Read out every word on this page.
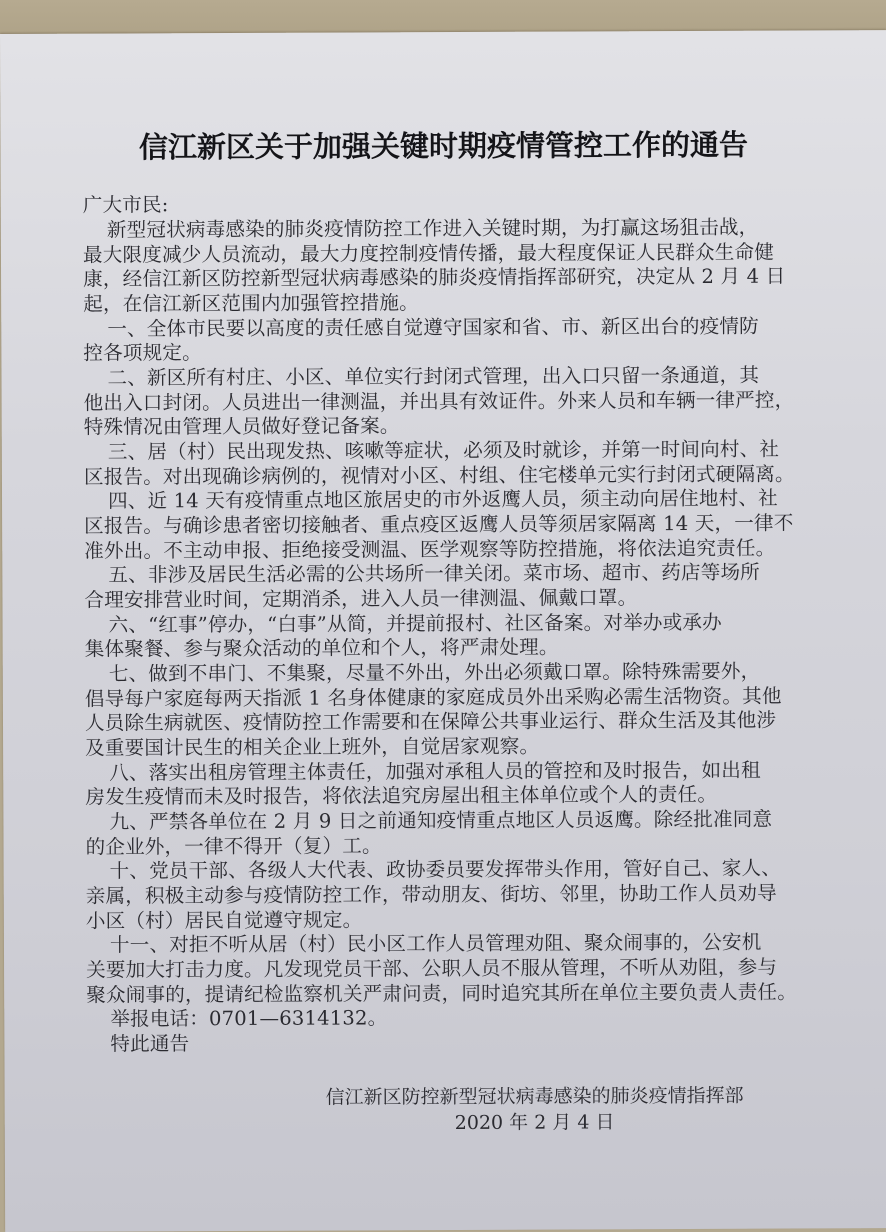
信江新区关于加强关键时期疫情管控工作的通告
广大市民:
新型冠状病毒感染的肺炎疫情防控工作进入关键时期，为打赢这场狙击战，
最大限度减少人员流动，最大力度控制疫情传播，最大程度保证人民群众生命健
康，经信江新区防控新型冠状病毒感染的肺炎疫情指挥部研究，决定从 2 月 4 日
起，在信江新区范围内加强管控措施。
一、全体市民要以高度的责任感自觉遵守国家和省、市、新区出台的疫情防
控各项规定。
二、新区所有村庄、小区、单位实行封闭式管理，出入口只留一条通道，其
他出入口封闭。人员进出一律测温，并出具有效证件。外来人员和车辆一律严控，
特殊情况由管理人员做好登记备案。
三、居（村）民出现发热、咳嗽等症状，必须及时就诊，并第一时间向村、社
区报告。对出现确诊病例的，视情对小区、村组、住宅楼单元实行封闭式硬隔离。
四、近 14 天有疫情重点地区旅居史的市外返鹰人员，须主动向居住地村、社
区报告。与确诊患者密切接触者、重点疫区返鹰人员等须居家隔离 14 天，一律不
准外出。不主动申报、拒绝接受测温、医学观察等防控措施，将依法追究责任。
五、非涉及居民生活必需的公共场所一律关闭。菜市场、超市、药店等场所
合理安排营业时间，定期消杀，进入人员一律测温、佩戴口罩。
六、“红事”停办，“白事”从简，并提前报村、社区备案。对举办或承办
集体聚餐、参与聚众活动的单位和个人，将严肃处理。
七、做到不串门、不集聚，尽量不外出，外出必须戴口罩。除特殊需要外，
倡导每户家庭每两天指派 1 名身体健康的家庭成员外出采购必需生活物资。其他
人员除生病就医、疫情防控工作需要和在保障公共事业运行、群众生活及其他涉
及重要国计民生的相关企业上班外，自觉居家观察。
八、落实出租房管理主体责任，加强对承租人员的管控和及时报告，如出租
房发生疫情而未及时报告，将依法追究房屋出租主体单位或个人的责任。
九、严禁各单位在 2 月 9 日之前通知疫情重点地区人员返鹰。除经批准同意
的企业外，一律不得开（复）工。
十、党员干部、各级人大代表、政协委员要发挥带头作用，管好自己、家人、
亲属，积极主动参与疫情防控工作，带动朋友、街坊、邻里，协助工作人员劝导
小区（村）居民自觉遵守规定。
十一、对拒不听从居（村）民小区工作人员管理劝阻、聚众闹事的，公安机
关要加大打击力度。凡发现党员干部、公职人员不服从管理，不听从劝阻，参与
聚众闹事的，提请纪检监察机关严肃问责，同时追究其所在单位主要负责人责任。
举报电话：0701—6314132。
特此通告
信江新区防控新型冠状病毒感染的肺炎疫情指挥部
2020 年 2 月 4 日
